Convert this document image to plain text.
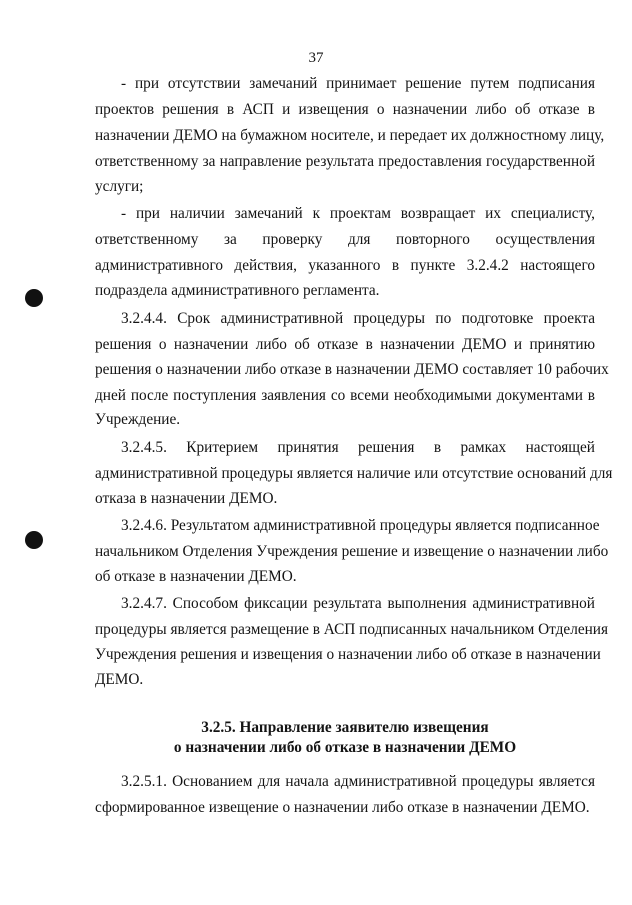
37
- при отсутствии замечаний принимает решение путем подписания
проектов решения в АСП и извещения о назначении либо об отказе в
назначении ДЕМО на бумажном носителе, и передает их должностному лицу,
ответственному за направление результата предоставления государственной
услуги;
- при наличии замечаний к проектам возвращает их специалисту,
ответственному за проверку для повторного осуществления
административного действия, указанного в пункте 3.2.4.2 настоящего
подраздела административного регламента.
3.2.4.4. Срок административной процедуры по подготовке проекта
решения о назначении либо об отказе в назначении ДЕМО и принятию
решения о назначении либо отказе в назначении ДЕМО составляет 10 рабочих
дней после поступления заявления со всеми необходимыми документами в
Учреждение.
3.2.4.5. Критерием принятия решения в рамках настоящей
административной процедуры является наличие или отсутствие оснований для
отказа в назначении ДЕМО.
3.2.4.6. Результатом административной процедуры является подписанное
начальником Отделения Учреждения решение и извещение о назначении либо
об отказе в назначении ДЕМО.
3.2.4.7. Способом фиксации результата выполнения административной
процедуры является размещение в АСП подписанных начальником Отделения
Учреждения решения и извещения о назначении либо об отказе в назначении
ДЕМО.
3.2.5. Направление заявителю извещения
о назначении либо об отказе в назначении ДЕМО
3.2.5.1. Основанием для начала административной процедуры является
сформированное извещение о назначении либо отказе в назначении ДЕМО.
